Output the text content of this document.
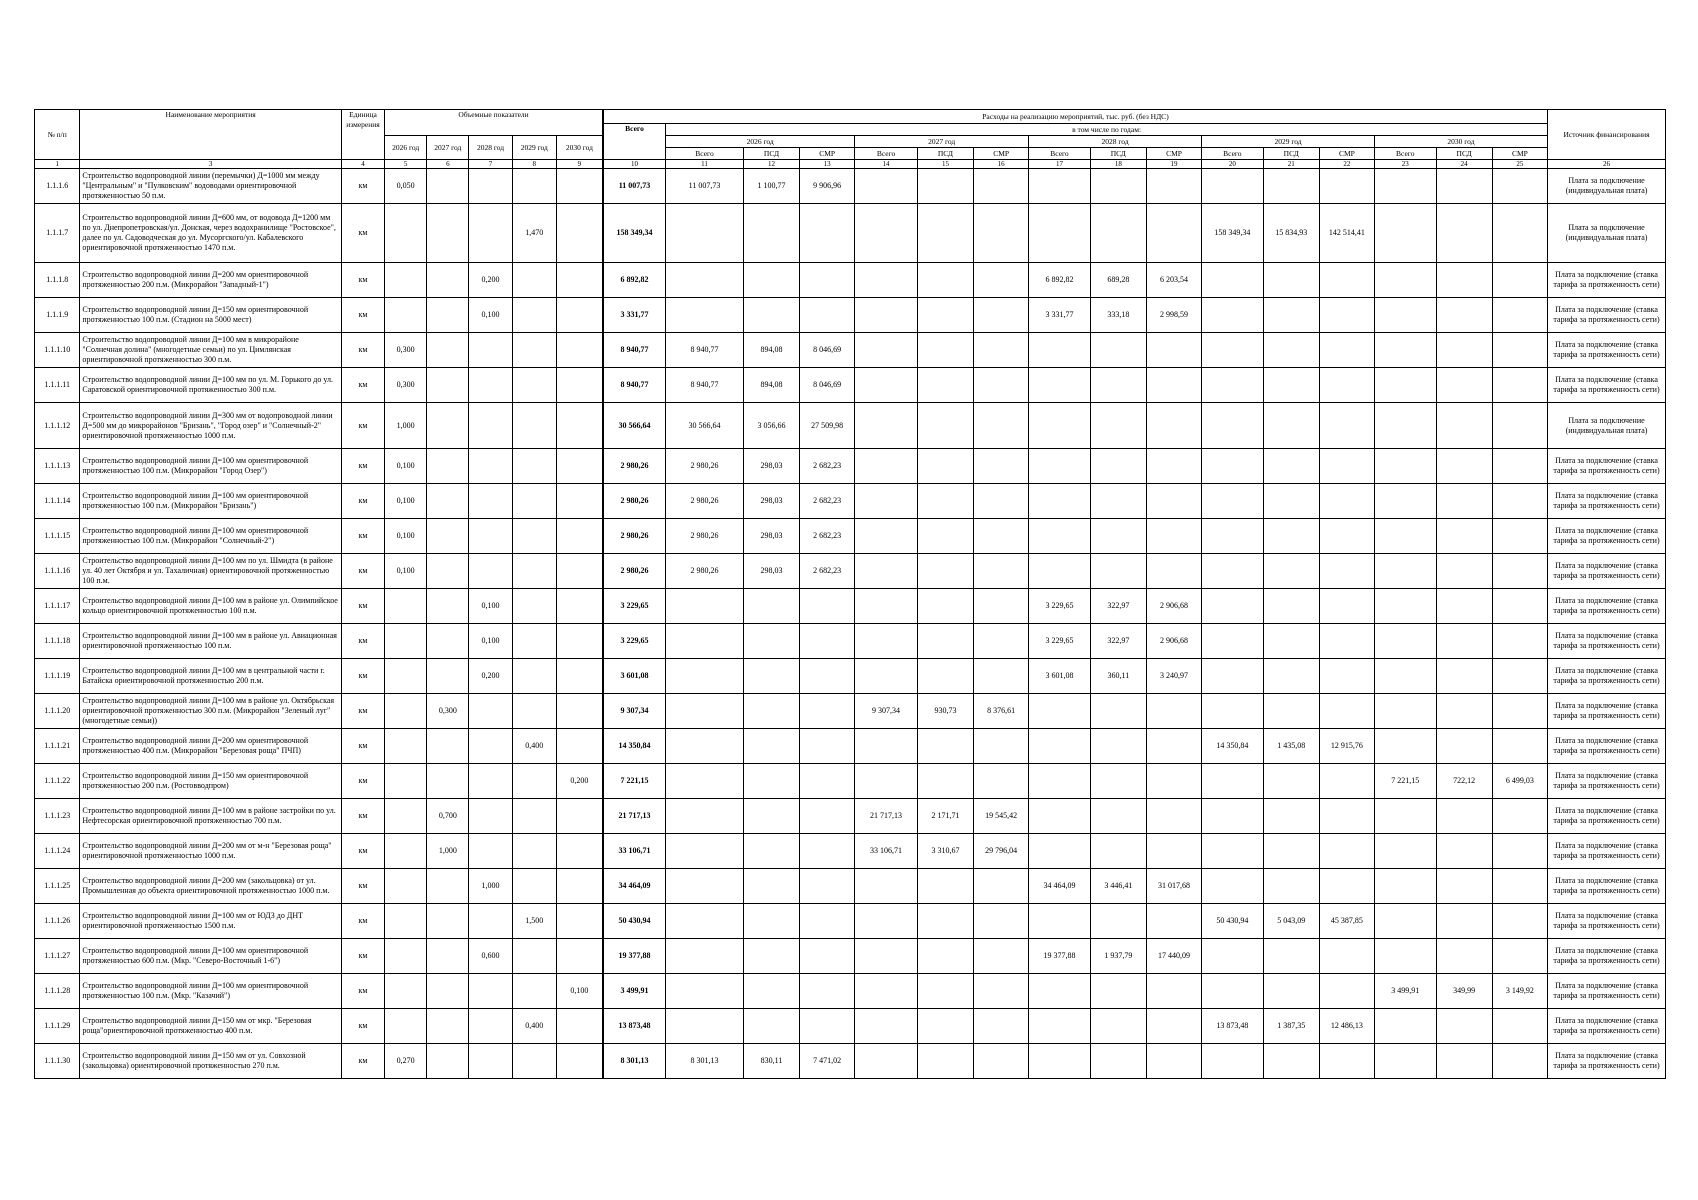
№ п/п	Наименование мероприятия	Единица измерения	Объемные показатели					Расходы на реализацию мероприятий, тыс. руб. (без НДС)																Источник финансирования
								Всего	в том числе по годам:															
			2026 год	2027 год	2028 год	2029 год	2030 год		2026 год			2027 год			2028 год			2029 год			2030 год			
									Всего	ПСД	СМР	Всего	ПСД	СМР	Всего	ПСД	СМР	Всего	ПСД	СМР	Всего	ПСД	СМР	
1	3	4	5	6	7	8	9	10	11	12	13	14	15	16	17	18	19	20	21	22	23	24	25	26
1.1.1.6	Строительство водопроводной линии (перемычки) Д=1000 мм между "Центральным" и "Пулковским" водоводами ориентировочной протяженностью 50 п.м.	км	0,050					11 007,73	11 007,73	1 100,77	9 906,96													Плата за подключение (индивидуальная плата)
1.1.1.7	Строительство водопроводной линии Д=600 мм, от водовода Д=1200 мм по ул. Днепропетровская/ул. Донская, через водохранилище "Ростовское", далее по ул. Садоводческая до ул. Мусоргского/ул. Кабалевского ориентировочной протяженностью 1470 п.м.	км				1,470		158 349,34										158 349,34	15 834,93	142 514,41				Плата за подключение (индивидуальная плата)
1.1.1.8	Строительство водопроводной линии Д=200 мм ориентировочной протяженностью 200 п.м. (Микрорайон "Западный-1")	км			0,200			6 892,82							6 892,82	689,28	6 203,54							Плата за подключение (ставка тарифа за протяженность сети)
1.1.1.9	Строительство водопроводной линии Д=150 мм ориентировочной протяженностью 100 п.м. (Стадион на 5000 мест)	км			0,100			3 331,77							3 331,77	333,18	2 998,59							Плата за подключение (ставка тарифа за протяженность сети)
1.1.1.10	Строительство водопроводной линии Д=100 мм в микрорайоне "Солнечная долина" (многодетные семьи) по ул. Цимлянская ориентировочной протяженностью 300 п.м.	км	0,300					8 940,77	8 940,77	894,08	8 046,69													Плата за подключение (ставка тарифа за протяженность сети)
1.1.1.11	Строительство водопроводной линии Д=100 мм по ул. М. Горького до ул. Саратовской ориентировочной протяженностью 300 п.м.	км	0,300					8 940,77	8 940,77	894,08	8 046,69													Плата за подключение (ставка тарифа за протяженность сети)
1.1.1.12	Строительство водопроводной линии Д=300 мм от водопроводной линии Д=500 мм до микрорайонов "Бризань", "Город озер" и "Солнечный-2" ориентировочной протяженностью 1000 п.м.	км	1,000					30 566,64	30 566,64	3 056,66	27 509,98													Плата за подключение (индивидуальная плата)
1.1.1.13	Строительство водопроводной линии Д=100 мм ориентировочной протяженностью 100 п.м. (Микрорайон "Город Озер")	км	0,100					2 980,26	2 980,26	298,03	2 682,23													Плата за подключение (ставка тарифа за протяженность сети)
1.1.1.14	Строительство водопроводной линии Д=100 мм ориентировочной протяженностью 100 п.м. (Микрорайон "Бризань")	км	0,100					2 980,26	2 980,26	298,03	2 682,23													Плата за подключение (ставка тарифа за протяженность сети)
1.1.1.15	Строительство водопроводной линии Д=100 мм ориентировочной протяженностью 100 п.м. (Микрорайон "Солнечный-2")	км	0,100					2 980,26	2 980,26	298,03	2 682,23													Плата за подключение (ставка тарифа за протяженность сети)
1.1.1.16	Строительство водопроводной линии Д=100 мм по ул. Шмидта (в районе ул. 40 лет Октября и ул. Тахаличная) ориентировочной протяженностью 100 п.м.	км	0,100					2 980,26	2 980,26	298,03	2 682,23													Плата за подключение (ставка тарифа за протяженность сети)
1.1.1.17	Строительство водопроводной линии Д=100 мм в районе ул. Олимпийское кольцо ориентировочной протяженностью 100 п.м.	км			0,100			3 229,65							3 229,65	322,97	2 906,68							Плата за подключение (ставка тарифа за протяженность сети)
1.1.1.18	Строительство водопроводной линии Д=100 мм в районе ул. Авиационная ориентировочной протяженностью 100 п.м.	км			0,100			3 229,65							3 229,65	322,97	2 906,68							Плата за подключение (ставка тарифа за протяженность сети)
1.1.1.19	Строительство водопроводной линии Д=100 мм в центральной части г. Батайска ориентировочной протяженностью 200 п.м.	км			0,200			3 601,08							3 601,08	360,11	3 240,97							Плата за подключение (ставка тарифа за протяженность сети)
1.1.1.20	Строительство водопроводной линии Д=100 мм в районе ул. Октябрьская ориентировочной протяженностью 300 п.м. (Микрорайон "Зеленый луг" (многодетные семьи))	км		0,300				9 307,34				9 307,34	930,73	8 376,61										Плата за подключение (ставка тарифа за протяженность сети)
1.1.1.21	Строительство водопроводной линии Д=200 мм ориентировочной протяженностью 400 п.м. (Микрорайон "Березовая роща" ПЧП)	км				0,400		14 350,84										14 350,84	1 435,08	12 915,76				Плата за подключение (ставка тарифа за протяженность сети)
1.1.1.22	Строительство водопроводной линии Д=150 мм ориентировочной протяженностью 200 п.м. (Ростовводпром)	км					0,200	7 221,15													7 221,15	722,12	6 499,03	Плата за подключение (ставка тарифа за протяженность сети)
1.1.1.23	Строительство водопроводной линии Д=100 мм в районе застройки по ул. Нефтесорская ориентировочной протяженностью 700 п.м.	км		0,700				21 717,13				21 717,13	2 171,71	19 545,42										Плата за подключение (ставка тарифа за протяженность сети)
1.1.1.24	Строительство водопроводной линии Д=200 мм от м-н "Березовая роща" ориентировочной протяженностью 1000 п.м.	км		1,000				33 106,71				33 106,71	3 310,67	29 796,04										Плата за подключение (ставка тарифа за протяженность сети)
1.1.1.25	Строительство водопроводной линии Д=200 мм (закольцовка) от ул. Промышленная до объекта ориентировочной протяженностью 1000 п.м.	км			1,000			34 464,09							34 464,09	3 446,41	31 017,68							Плата за подключение (ставка тарифа за протяженность сети)
1.1.1.26	Строительство водопроводной линии Д=100 мм от ЮДЗ до ДНТ ориентировочной протяженностью 1500 п.м.	км				1,500		50 430,94										50 430,94	5 043,09	45 387,85				Плата за подключение (ставка тарифа за протяженность сети)
1.1.1.27	Строительство водопроводной линии Д=100 мм ориентировочной протяженностью 600 п.м. (Мкр. "Северо-Восточный 1-6")	км			0,600			19 377,88							19 377,88	1 937,79	17 440,09							Плата за подключение (ставка тарифа за протяженность сети)
1.1.1.28	Строительство водопроводной линии Д=100 мм ориентировочной протяженностью 100 п.м. (Мкр. "Казачий")	км					0,100	3 499,91													3 499,91	349,99	3 149,92	Плата за подключение (ставка тарифа за протяженность сети)
1.1.1.29	Строительство водопроводной линии Д=150 мм от мкр. "Березовая роща"ориентировочной протяженностью 400 п.м.	км				0,400		13 873,48										13 873,48	1 387,35	12 486,13				Плата за подключение (ставка тарифа за протяженность сети)
1.1.1.30	Строительство водопроводной линии Д=150 мм от ул. Совхозной (закольцовка) ориентировочной протяженностью 270 п.м.	км	0,270					8 301,13	8 301,13	830,11	7 471,02													Плата за подключение (ставка тарифа за протяженность сети)
